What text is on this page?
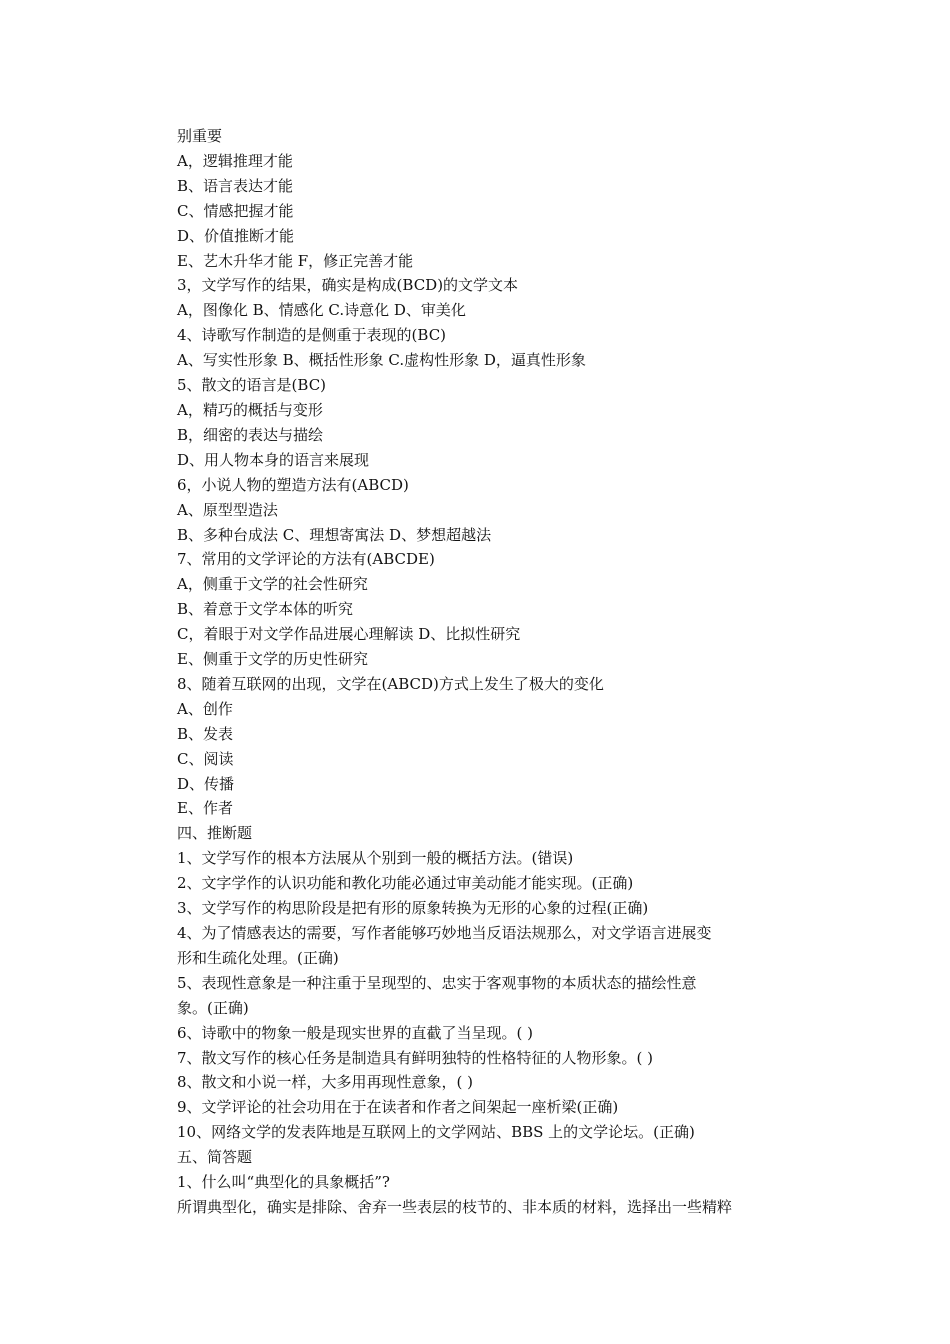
别重要

A，逻辑推理才能

B、语言表达才能

C、情感把握才能

D、价值推断才能

E、艺木升华才能 F，修正完善才能

3，文学写作的结果，确实是构成(BCD)的文学文本

A，图像化 B、情感化 C.诗意化 D、审美化

4、诗歌写作制造的是侧重于表现的(BC)

A、写实性形象 B、概括性形象 C.虚构性形象 D，逼真性形象

5、散文的语言是(BC)

A，精巧的概括与变形

B，细密的表达与描绘

D、用人物本身的语言来展现

6，小说人物的塑造方法有(ABCD)

A、原型型造法

B、多种台成法 C、理想寄寓法 D、梦想超越法

7、常用的文学评论的方法有(ABCDE)

A，侧重于文学的社会性研究

B、着意于文学本体的听究

C，着眼于对文学作品进展心理解读 D、比拟性研究

E、侧重于文学的历史性研究

8、随着互联网的出现，文学在(ABCD)方式上发生了极大的变化

A、创作

B、发表

C、阅读

D、传播

E、作者

四、推断题

1、文学写作的根本方法展从个别到一般的概括方法。(错误)

2、文字学作的认识功能和教化功能必通过审美动能才能实现。(正确)

3、文学写作的构思阶段是把有形的原象转换为无形的心象的过程(正确)

4、为了情感表达的需要，写作者能够巧妙地当反语法规那么，对文学语言进展变

形和生疏化处理。(正确)

5、表现性意象是一种注重于呈现型的、忠实于客观事物的本质状态的描绘性意

象。(正确)

6、诗歌中的物象一般是现实世界的直截了当呈现。( )

7、散文写作的核心任务是制造具有鲜明独特的性格特征的人物形象。( )

8、散文和小说一样，大多用再现性意象，( )

9、文学评论的社会功用在于在读者和作者之间架起一座析梁(正确)

10、网络文学的发表阵地是互联网上的文学网站、BBS 上的文学论坛。(正确)

五、简答题

1、什么叫“典型化的具象概括”?

所谓典型化，确实是排除、舍弃一些表层的枝节的、非本质的材料，选择出一些精粹
